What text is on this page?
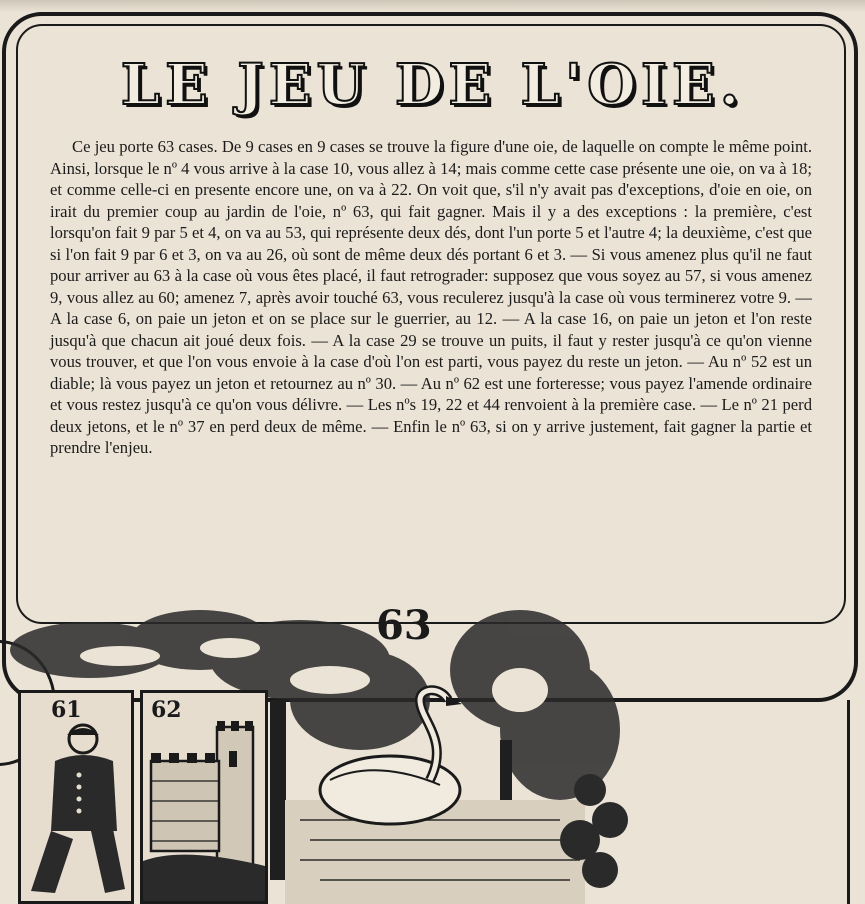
LE JEU DE L'OIE.

Ce jeu porte 63 cases. De 9 cases en 9 cases se trouve la figure d'une oie, de laquelle on compte le même point. Ainsi, lorsque le nº 4 vous arrive à la case 10, vous allez à 14; mais comme cette case présente une oie, on va à 18; et comme celle-ci en presente encore une, on va à 22. On voit que, s'il n'y avait pas d'exceptions, d'oie en oie, on irait du premier coup au jardin de l'oie, nº 63, qui fait gagner. Mais il y a des exceptions : la première, c'est lorsqu'on fait 9 par 5 et 4, on va au 53, qui représente deux dés, dont l'un porte 5 et l'autre 4; la deuxième, c'est que si l'on fait 9 par 6 et 3, on va au 26, où sont de même deux dés portant 6 et 3. — Si vous amenez plus qu'il ne faut pour arriver au 63 à la case où vous êtes placé, il faut retrograder: supposez que vous soyez au 57, si vous amenez 9, vous allez au 60; amenez 7, après avoir touché 63, vous reculerez jusqu'à la case où vous terminerez votre 9. — A la case 6, on paie un jeton et on se place sur le guerrier, au 12. — A la case 16, on paie un jeton et l'on reste jusqu'à que chacun ait joué deux fois. — A la case 29 se trouve un puits, il faut y rester jusqu'à ce qu'on vienne vous trouver, et que l'on vous envoie à la case d'où l'on est parti, vous payez du reste un jeton. — Au nº 52 est un diable; là vous payez un jeton et retournez au nº 30. — Au nº 62 est une forteresse; vous payez l'amende ordinaire et vous restez jusqu'à ce qu'on vous délivre. — Les nºs 19, 22 et 44 renvoient à la première case. — Le nº 21 perd deux jetons, et le nº 37 en perd deux de même. — Enfin le nº 63, si on y arrive justement, fait gagner la partie et prendre l'enjeu.

63
61	62
